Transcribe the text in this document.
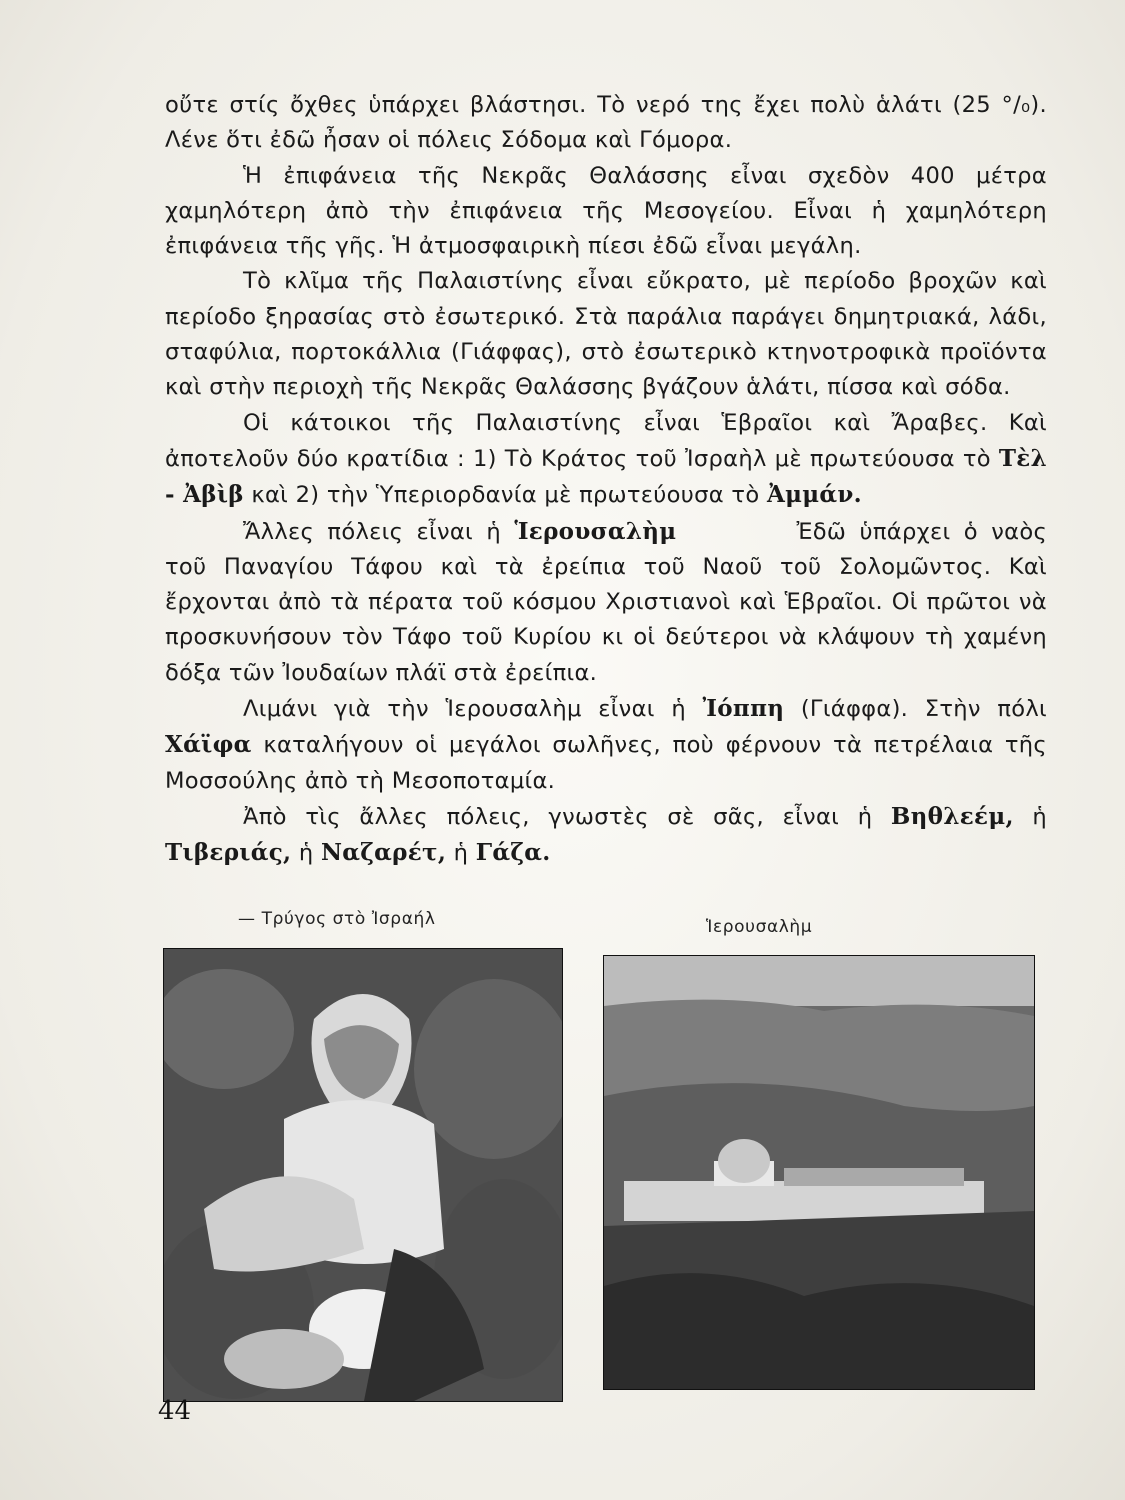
οὔτε στίς ὄχθες ὑπάρχει βλάστησι. Τὸ νερό της ἔχει πολὺ ἁλάτι (25 °/₀). Λένε ὅτι ἐδῶ ἦσαν οἱ πόλεις Σόδομα καὶ Γόμορα.

Ἡ ἐπιφάνεια τῆς Νεκρᾶς Θαλάσσης εἶναι σχεδὸν 400 μέτρα χαμηλότερη ἀπὸ τὴν ἐπιφάνεια τῆς Μεσογείου. Εἶναι ἡ χαμηλότερη ἐπιφάνεια τῆς γῆς. Ἡ ἀτμοσφαιρικὴ πίεσι ἐδῶ εἶναι μεγάλη.

Τὸ κλῖμα τῆς Παλαιστίνης εἶναι εὔκρατο, μὲ περίοδο βροχῶν καὶ περίοδο ξηρασίας στὸ ἐσωτερικό. Στὰ παράλια παράγει δημητριακά, λάδι, σταφύλια, πορτοκάλλια (Γιάφφας), στὸ ἐσωτερικὸ κτηνοτροφικὰ προϊόντα καὶ στὴν περιοχὴ τῆς Νεκρᾶς Θαλάσσης βγάζουν ἁλάτι, πίσσα καὶ σόδα.

Οἱ κάτοικοι τῆς Παλαιστίνης εἶναι Ἑβραῖοι καὶ Ἄραβες. Καὶ ἀποτελοῦν δύο κρατίδια : 1) Τὸ Κράτος τοῦ Ἰσραὴλ μὲ πρωτεύουσα τὸ Τὲλ - Ἀβὶβ καὶ 2) τὴν Ὑπεριορδανία μὲ πρωτεύουσα τὸ Ἀμμάν.

Ἄλλες πόλεις εἶναι ἡ Ἱερουσαλὴμ	Ἐδῶ ὑπάρχει ὁ ναὸς τοῦ Παναγίου Τάφου καὶ τὰ ἐρείπια τοῦ Ναοῦ τοῦ Σολομῶντος. Καὶ ἔρχονται ἀπὸ τὰ πέρατα τοῦ κόσμου Χριστιανοὶ καὶ Ἑβραῖοι. Οἱ πρῶτοι νὰ προσκυνήσουν τὸν Τάφο τοῦ Κυρίου κι οἱ δεύτεροι νὰ κλάψουν τὴ χαμένη δόξα τῶν Ἰουδαίων πλάϊ στὰ ἐρείπια.

Λιμάνι γιὰ τὴν Ἱερουσαλὴμ εἶναι ἡ Ἰόππη (Γιάφφα). Στὴν πόλι Χάϊφα καταλήγουν οἱ μεγάλοι σωλῆνες, ποὺ φέρνουν τὰ πετρέλαια τῆς Μοσσούλης ἀπὸ τὴ Μεσοποταμία.

Ἀπὸ τὶς ἄλλες πόλεις, γνωστὲς σὲ σᾶς, εἶναι ἡ Βηθλεέμ, ἡ Τιβεριάς, ἡ Ναζαρέτ, ἡ Γάζα.

— Τρύγος στὸ Ἰσραήλ	Ἱερουσαλὴμ
44
